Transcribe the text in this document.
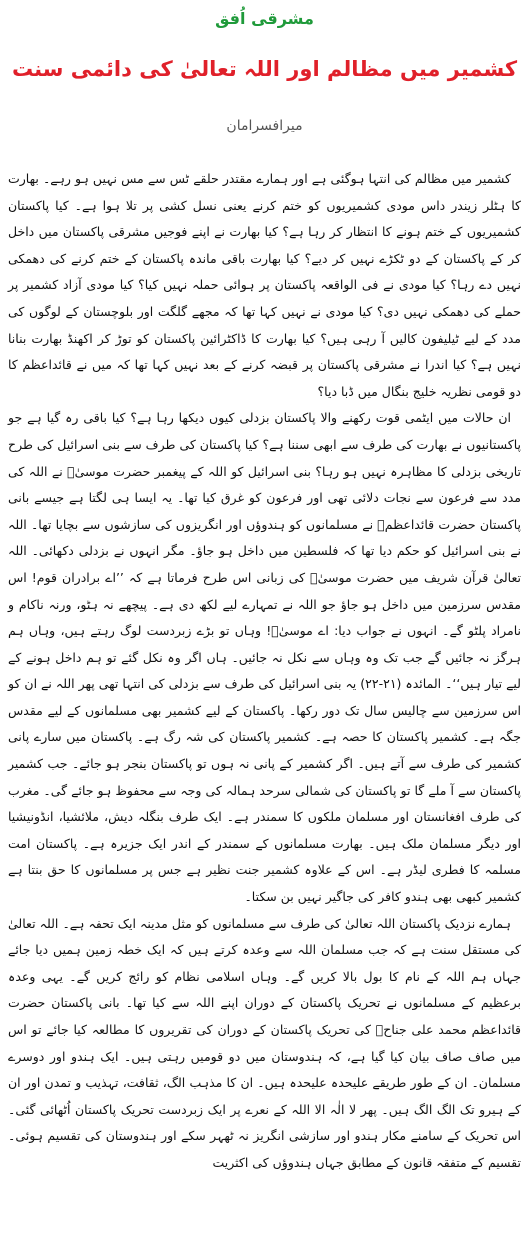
مشرقی اُفق
کشمیر میں مظالم اور اللہ تعالیٰ کی دائمی سنت
میرافسرامان

کشمیر میں مظالم کی انتہا ہوگئی ہے اور ہمارے مقتدر حلقے ٹس سے مس نہیں ہو رہے۔ بھارت کا ہٹلر زیندر داس مودی کشمیریوں کو ختم کرنے یعنی نسل کشی پر تلا ہوا ہے۔ کیا پاکستان کشمیریوں کے ختم ہونے کا انتظار کر رہا ہے؟ کیا بھارت نے اپنے فوجیں مشرقی پاکستان میں داخل کر کے پاکستان کے دو ٹکڑے نہیں کر دیے؟ کیا بھارت باقی ماندہ پاکستان کے ختم کرنے کی دھمکی نہیں دے رہا؟ کیا مودی نے فی الواقعہ پاکستان پر ہوائی حملہ نہیں کیا؟ کیا مودی آزاد کشمیر پر حملے کی دھمکی نہیں دی؟ کیا مودی نے نہیں کہا تھا کہ مجھے گلگت اور بلوچستان کے لوگوں کی مدد کے لیے ٹیلیفون کالیں آ رہی ہیں؟ کیا بھارت کا ڈاکٹرائین پاکستان کو توڑ کر اکھنڈ بھارت بنانا نہیں ہے؟ کیا اندرا نے مشرقی پاکستان پر قبضہ کرنے کے بعد نہیں کہا تھا کہ میں نے قائداعظم کا دو قومی نظریہ خلیج بنگال میں ڈبا دیا؟

ان حالات میں ایٹمی قوت رکھنے والا پاکستان بزدلی کیوں دیکھا رہا ہے؟ کیا باقی رہ گیا ہے جو پاکستانیوں نے بھارت کی طرف سے ابھی سننا ہے؟ کیا پاکستان کی طرف سے بنی اسرائیل کی طرح تاریخی بزدلی کا مظاہرہ نہیں ہو رہا؟ بنی اسرائیل کو اللہ کے پیغمبر حضرت موسیٰؑ نے اللہ کی مدد سے فرعون سے نجات دلائی تھی اور فرعون کو غرق کیا تھا۔ یہ ایسا ہی لگتا ہے جیسے بانی پاکستان حضرت قائداعظمؒ نے مسلمانوں کو ہندوؤں اور انگریزوں کی سازشوں سے بچایا تھا۔ اللہ نے بنی اسرائیل کو حکم دیا تھا کہ فلسطین میں داخل ہو جاؤ۔ مگر انہوں نے بزدلی دکھائی۔ اللہ تعالیٰ قرآن شریف میں حضرت موسیٰؑ کی زبانی اس طرح فرماتا ہے کہ ’’اے برادران قوم! اس مقدس سرزمین میں داخل ہو جاؤ جو اللہ نے تمہارے لیے لکھ دی ہے۔ پیچھے نہ ہٹو، ورنہ ناکام و نامراد پلٹو گے۔ انہوں نے جواب دیا: اے موسیٰؑ! وہاں تو بڑے زبردست لوگ رہتے ہیں، وہاں ہم ہرگز نہ جائیں گے جب تک وہ وہاں سے نکل نہ جائیں۔ ہاں اگر وہ نکل گئے تو ہم داخل ہونے کے لیے تیار ہیں‘‘۔ المائدہ (۲۱-۲۲) یہ بنی اسرائیل کی طرف سے بزدلی کی انتہا تھی پھر اللہ نے ان کو اس سرزمین سے چالیس سال تک دور رکھا۔ پاکستان کے لیے کشمیر بھی مسلمانوں کے لیے مقدس جگہ ہے۔ کشمیر پاکستان کا حصہ ہے۔ کشمیر پاکستان کی شہ رگ ہے۔ پاکستان میں سارے پانی کشمیر کی طرف سے آتے ہیں۔ اگر کشمیر کے پانی نہ ہوں تو پاکستان بنجر ہو جائے۔ جب کشمیر پاکستان سے آ ملے گا تو پاکستان کی شمالی سرحد ہمالہ کی وجہ سے محفوظ ہو جائے گی۔ مغرب کی طرف افغانستان اور مسلمان ملکوں کا سمندر ہے۔ ایک طرف بنگلہ دیش، ملائشیا، انڈونیشیا اور دیگر مسلمان ملک ہیں۔ بھارت مسلمانوں کے سمندر کے اندر ایک جزیرہ ہے۔ پاکستان امت مسلمہ کا فطری لیڈر ہے۔ اس کے علاوہ کشمیر جنت نظیر ہے جس پر مسلمانوں کا حق بنتا ہے کشمیر کبھی بھی ہندو کافر کی جاگیر نہیں بن سکتا۔

ہمارے نزدیک پاکستان اللہ تعالیٰ کی طرف سے مسلمانوں کو مثل مدینہ ایک تحفہ ہے۔ اللہ تعالیٰ کی مستقل سنت ہے کہ جب مسلمان اللہ سے وعدہ کرتے ہیں کہ ایک خطہ زمین ہمیں دیا جائے جہاں ہم اللہ کے نام کا بول بالا کریں گے۔ وہاں اسلامی نظام کو رائج کریں گے۔ یہی وعدہ برعظیم کے مسلمانوں نے تحریک پاکستان کے دوران اپنے اللہ سے کیا تھا۔ بانی پاکستان حضرت قائداعظم محمد علی جناحؒ کی تحریک پاکستان کے دوران کی تقریروں کا مطالعہ کیا جائے تو اس میں صاف صاف بیان کیا گیا ہے، کہ ہندوستان میں دو قومیں رہتی ہیں۔ ایک ہندو اور دوسرے مسلمان۔ ان کے طور طریقے علیحدہ علیحدہ ہیں۔ ان کا مذہب الگ، ثقافت، تہذیب و تمدن اور ان کے ہیرو تک الگ الگ ہیں۔ پھر لا الٰہ الا اللہ کے نعرے پر ایک زبردست تحریک پاکستان اُٹھائی گئی۔ اس تحریک کے سامنے مکار ہندو اور سازشی انگریز نہ ٹھہر سکے اور ہندوستان کی تقسیم ہوئی۔ تقسیم کے متفقہ قانون کے مطابق جہاں ہندوؤں کی اکثریت
